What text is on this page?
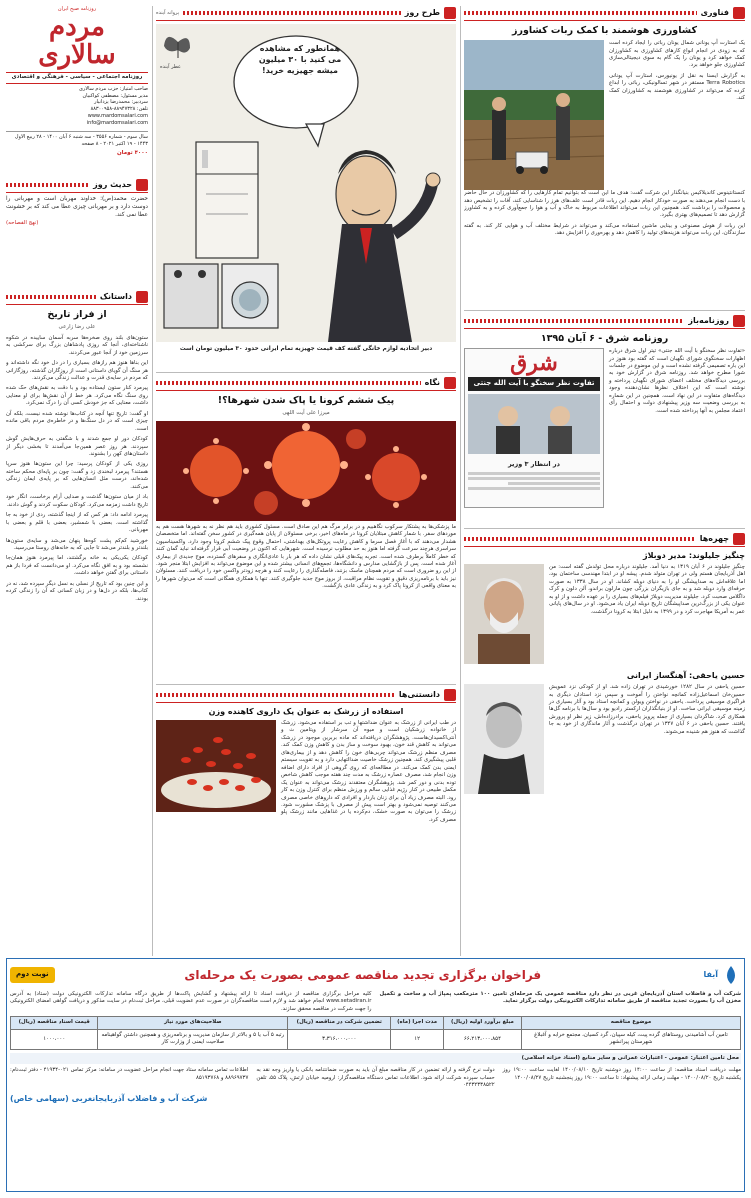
روزنامه صبح ایران
مردم سالاری
روزنامه اجتماعی - سیاسی - فرهنگی و اقتصادی
صاحب امتیاز: حزب مردم سالاری
مدیر مسئول: مصطفی کواکبیان
سردبیر: محمدرضا یزدانیار
تلفن: ۸۸۹۴۷۳۲۸-۸۸۳۰۰۹۵۸
www.mardomsalari.com
info@mardomsalari.com
سال سوم - شماره ۳۵۵۶ - سه شنبه ۶ آبان ۱۴۰۰ - ۲۸ ربیع الاول ۱۴۴۳ - ۱۹ اکتبر ۲۰۲۱ - ۸ صفحه
۴۰۰۰ تومان
حدیث روز
حضرت محمد(ص): خداوند مهربان است و مهربانی را دوست دارد و بر مهربانی چیزی عطا می کند که بر خشونت عطا نمی کند.
(نهج الفصاحه)
داستانک
از فراز تاریخ
علی رضا زارعی

ستون‌های بلند روی صخره‌ها سربه آسمان ساییده در شکوه ناشناخته‌ای، آنجا که روزی پادشاهان بزرگ برای سرکشی به سرزمین خود از آنجا عبور می‌کردند.

این بناها هنوز هم رازهای بسیاری را در دل خود نگه داشته‌اند و هر سنگ آن گویای داستانی است از روزگاران گذشته، روزگارانی که مردم در سایه‌ی قدرت و عدالت زندگی می‌کردند.

پیرمرد کنار ستون ایستاده بود و با دقت به نقش‌های حک شده روی سنگ نگاه می‌کرد. هر خط از آن نقش‌ها برای او معنایی داشت، معنایی که جز خودش کسی آن را درک نمی‌کرد.

او گفت: تاریخ تنها آنچه در کتاب‌ها نوشته شده نیست، بلکه آن چیزی است که در دل سنگ‌ها و در خاطره‌ی مردم باقی مانده است.

کودکان دور او جمع شدند و با شگفتی به حرف‌هایش گوش سپردند. هر روز عصر همین‌جا می‌آمدند تا بخشی دیگر از داستان‌های کهن را بشنوند.

روزی یکی از کودکان پرسید: چرا این ستون‌ها هنوز سرپا هستند؟ پیرمرد لبخندی زد و گفت: چون بر پایه‌ای محکم ساخته شده‌اند، درست مثل انسان‌هایی که بر پایه‌ی ایمان زندگی می‌کنند.

باد از میان ستون‌ها گذشت و صدایی آرام برخاست، انگار خود تاریخ داشت زمزمه می‌کرد. کودکان سکوت کردند و گوش دادند.

پیرمرد ادامه داد: هر کس که از اینجا گذشته، ردی از خود به جا گذاشته است. بعضی با شمشیر، بعضی با قلم و بعضی با مهربانی.

خورشید کم‌کم پشت کوه‌ها پنهان می‌شد و سایه‌ی ستون‌ها بلندتر و بلندتر می‌شد تا جایی که به خانه‌های روستا می‌رسید.

کودکان یکی‌یکی به خانه برگشتند، اما پیرمرد هنوز همان‌جا نشسته بود و به افق نگاه می‌کرد. او می‌دانست که فردا باز هم داستانی برای گفتن خواهد داشت.

و این چنین بود که تاریخ از نسلی به نسل دیگر سپرده شد، نه در کتاب‌ها، بلکه در دل‌ها و در زبان کسانی که آن را زندگی کرده بودند.

طرح روز
پروانه آینده
عطر آینده
همانطور که مشاهده می کنید با ۳۰ میلیون میشه جهیزیه خرید!
دبیر اتحادیه لوازم خانگی گفته کف قیمت جهیزیه تمام ایرانی حدود ۳۰ میلیون تومان است
نگاه
پیک ششم کرونا یا پاک شدن شهرها؟!
میرزا علی آیت اللهی
ما پزشکی‌ها به پشتکار سرکوب نگاهبیم و در برابر مرگ هم این صادق است. مسئول کشوری باید هم نظر نه به شهرها هست هم به موردهای سفر. با شمار کاهش مبتلایان کرونا در ماه‌های اخیر، برخی مسئولان از پایان همه‌گیری در کشور سخن گفته‌اند. اما متخصصان هشدار می‌دهند که با آغاز فصل سرما و کاهش رعایت پروتکل‌های بهداشتی، احتمال وقوع پیک ششم کرونا وجود دارد. واکسیناسیون سراسری هرچند سرعت گرفته اما هنوز به حد مطلوب نرسیده است. شهرهایی که اکنون در وضعیت آبی قرار گرفته‌اند نباید گمان کنند که خطر کاملاً برطرف شده است. تجربه پیک‌های قبلی نشان داده که هر بار با عادی‌انگاری و سفرهای گسترده، موج جدیدی از بیماری آغاز شده است. پس از بازگشایی مدارس و دانشگاه‌ها، تجمع‌های انسانی بیشتر شده و این موضوع می‌تواند به افزایش ابتلا منجر شود. از این رو ضروری است که مردم همچنان ماسک بزنند، فاصله‌گذاری را رعایت کنند و هرچه زودتر واکسن خود را دریافت کنند. مسئولان نیز باید با برنامه‌ریزی دقیق و تقویت نظام مراقبت، از بروز موج جدید جلوگیری کنند. تنها با همکاری همگانی است که می‌توان شهرها را به معنای واقعی از کرونا پاک کرد و به زندگی عادی بازگشت.
دانستنی‌ها
استفاده از زرشک به عنوان یک داروی کاهنده وزن
در طب ایرانی از زرشک به عنوان ضداشتها و تب بر استفاده می‌شود. زرشک از خانواده زرشکیان است و میوه آن سرشار از ویتامین ث و آنتی‌اکسیدان‌هاست. پژوهشگران دریافته‌اند که ماده بربرین موجود در زرشک می‌تواند به کاهش قند خون، بهبود سوخت و ساز بدن و کاهش وزن کمک کند. مصرف منظم زرشک می‌تواند چربی‌های خون را کاهش دهد و از بیماری‌های قلبی پیشگیری کند. همچنین زرشک خاصیت ضدالتهابی دارد و به تقویت سیستم ایمنی بدن کمک می‌کند. در مطالعه‌ای که روی گروهی از افراد دارای اضافه وزن انجام شد، مصرف عصاره زرشک به مدت چند هفته موجب کاهش شاخص توده بدنی و دور کمر شد. پژوهشگران معتقدند زرشک می‌تواند به عنوان یک مکمل طبیعی در کنار رژیم غذایی سالم و ورزش منظم برای کنترل وزن به کار رود. البته مصرف زیاد آن برای زنان باردار و افرادی که داروهای خاصی مصرف می‌کنند توصیه نمی‌شود و بهتر است پیش از مصرف با پزشک مشورت شود. زرشک را می‌توان به صورت خشک، دم‌کرده یا در غذاهایی مانند زرشک پلو مصرف کرد.
فناوری
کشاورزی هوشمند با کمک ربات کشاورز

یک استارت آپ یونانی شمال یونان رباتی را ایجاد کرده است که به زودی در انجام انواع کارهای کشاورزی به کشاورزان کمک خواهد کرد و یونان را یک گام به سوی دیجیتالی‌سازی کشاورزی جلو خواهد برد.

به گزارش ایسنا به نقل از یونیورس، استارت آپ یونانی Terra Robotics مستقر در شهر تسالونیکی، رباتی را ابداع کرده که می‌تواند در کشاورزی هوشمند به کشاورزان کمک کند.

کنستانتینوس کاندیلاکیس بنیانگذار این شرکت گفت: هدف ما این است که بتوانیم تمام کارهایی را که کشاورزان در حال حاضر با دست انجام می‌دهند به صورت خودکار انجام دهیم. این ربات قادر است علف‌های هرز را شناسایی کند، آفات را تشخیص دهد و محصولات را برداشت کند. همچنین این ربات می‌تواند اطلاعات مربوط به خاک و آب و هوا را جمع‌آوری کرده و به کشاورز گزارش دهد تا تصمیم‌های بهتری بگیرد.

این ربات از هوش مصنوعی و بینایی ماشین استفاده می‌کند و می‌تواند در شرایط مختلف آب و هوایی کار کند. به گفته سازندگان، این ربات می‌تواند هزینه‌های تولید را کاهش دهد و بهره‌وری را افزایش دهد.

روزنامه‌باز
روزنامه شرق - ۶ آبان ۱۳۹۵
«تفاوت نظر سخنگو با آیت الله جنتی» تیتر اول شرق درباره اظهارات سخنگوی شورای نگهبان است که گفته بود هنوز در این باره تصمیمی گرفته نشده است و این موضوع در جلسات شورا مطرح خواهد شد. روزنامه شرق در گزارش خود به بررسی دیدگاه‌های مختلف اعضای شورای نگهبان پرداخته و نوشته است که این اختلاف نظرها نشان‌دهنده وجود دیدگاه‌های متفاوت در این نهاد است. همچنین در این شماره به بررسی وضعیت سه وزیر پیشنهادی دولت و احتمال رأی اعتماد مجلس به آنها پرداخته شده است.
شرق
تفاوت نظر سخنگو با آیت الله جنتی
در انتظار ۳ وزیر
چهره‌ها
چنگیز جلیلوند: مدیر دوبلاژ
چنگیز جلیلوند در ۶ آبان ۱۳۱۹ به دنیا آمد. جلیلوند درباره محل تولدش گفته است: من اهل آذربایجان هستم ولی در تهران متولد شدم. پیشه او در ابتدا مهندسی ساختمان بود، اما علاقه‌اش به صداپیشگی او را به دنیای دوبله کشاند. او در سال ۱۳۳۸ به صورت حرفه‌ای وارد دوبله شد و به جای بازیگران بزرگی چون مارلون براندو، آلن دلون و کرک داگلاس صحبت کرد. جلیلوند مدیریت دوبلاژ فیلم‌های بسیاری را بر عهده داشت و از او به عنوان یکی از بزرگ‌ترین صداپیشگان تاریخ دوبله ایران یاد می‌شود. او در سال‌های پایانی عمر به آمریکا مهاجرت کرد و در ۱۳۹۹ به دلیل ابتلا به کرونا درگذشت.
حسین یاحقی: آهنگساز ایرانی
حسین یاحقی در سال ۱۲۸۲ خورشیدی در تهران زاده شد. او از کودکی نزد عمویش حسین‌خان اسماعیل‌زاده کمانچه نواختن را آموخت و سپس نزد استادان دیگری به فراگیری موسیقی پرداخت. یاحقی در نواختن ویولن و کمانچه استاد بود و آثار بسیاری در زمینه موسیقی ایرانی ساخت. او از بنیانگذاران ارکستر رادیو بود و سال‌ها با برنامه گل‌ها همکاری کرد. شاگردان بسیاری از جمله پرویز یاحقی، برادرزاده‌اش، زیر نظر او پرورش یافتند. حسین یاحقی در ۶ آبان ۱۳۴۷ در تهران درگذشت و آثار ماندگاری از خود به جا گذاشت که هنوز هم شنیده می‌شوند.
آبفا
فراخوان برگزاری تجدید مناقصه عمومی بصورت یک مرحله‌ای
نوبت دوم
شرکت آب و فاضلاب استان آذربایجان غربی در نظر دارد مناقصه عمومی یک مرحله‌ای تامین ۱۰۰ مترمکعب پمپاژ آب و ساخت و تکمیل مخزن آب را بصورت تجدید مناقصه از طریق سامانه تدارکات الکترونیکی دولت برگزار نماید.
کلیه مراحل برگزاری مناقصه از دریافت اسناد تا ارائه پیشنهاد و گشایش پاکت‌ها از طریق درگاه سامانه تدارکات الکترونیکی دولت (ستاد) به آدرس www.setadiran.ir انجام خواهد شد و لازم است مناقصه‌گران در صورت عدم عضویت قبلی، مراحل ثبت‌نام در سایت مذکور و دریافت گواهی امضای الکترونیکی را جهت شرکت در مناقصه محقق سازند.
موضوع مناقصه	مبلغ برآورد اولیه (ریال)	مدت اجرا (ماه)	تضمین شرکت در مناقصه (ریال)	صلاحیت‌های مورد نیاز	قیمت اسناد مناقصه (ریال)
تامین آب آشامیدنی روستاهای گرده پیت، کیله سپیان، گرد کسیان، مجتمع خرابه و آغبلاغ شهرستان پیرانشهر	۶۶،۲۱۳،۰۰۰،۸۵۴	۱۲	۳،۳۱۶،۰۰۰،۰۰۰	رتبه ۵ آب یا ۵ و بالاتر از سازمان مدیریت و برنامه‌ریزی و همچنین داشتن گواهینامه صلاحیت ایمنی از وزارت کار	۱۰۰۰،۰۰۰
محل تامین اعتبار: عمومی - اعتبارات عمرانی و سایر منابع (اسناد خزانه اسلامی)
مهلت دریافت اسناد مناقصه: از ساعت ۱۴:۰۰ روز دوشنبه تاریخ ۱۴۰۰/۰۸/۱۰ لغایت ساعت ۱۹:۰۰ روز یکشنبه تاریخ ۱۴۰۰/۰۸/۲۰ - مهلت زمانی ارائه پیشنهاد: تا ساعت ۱۹:۰۰ روز پنجشنبه تاریخ ۱۴۰۰/۰۸/۲۷
دولت نرخ گرفته و ارائه تضمین در کار مناقصه مبلغ آن باید به صورت ضمانتنامه بانکی یا واریز وجه نقد به حساب سپرده شرکت ارائه شود. اطلاعات تماس دستگاه مناقصه‌گزار: ارومیه خیابان ارتش، پلاک ۵۵، تلفن ۰۴۴۳۲۳۳۸۵۲۲
اطلاعات تماس سامانه ستاد جهت انجام مراحل عضویت در سامانه: مرکز تماس ۰۲۱-۴۱۹۳۴ - دفتر ثبت‌نام: ۸۸۹۶۹۷۳۷ و ۸۵۱۹۳۷۶۸
شرکت آب و فاضلاب آذربایجانغربی (سهامی خاص)
